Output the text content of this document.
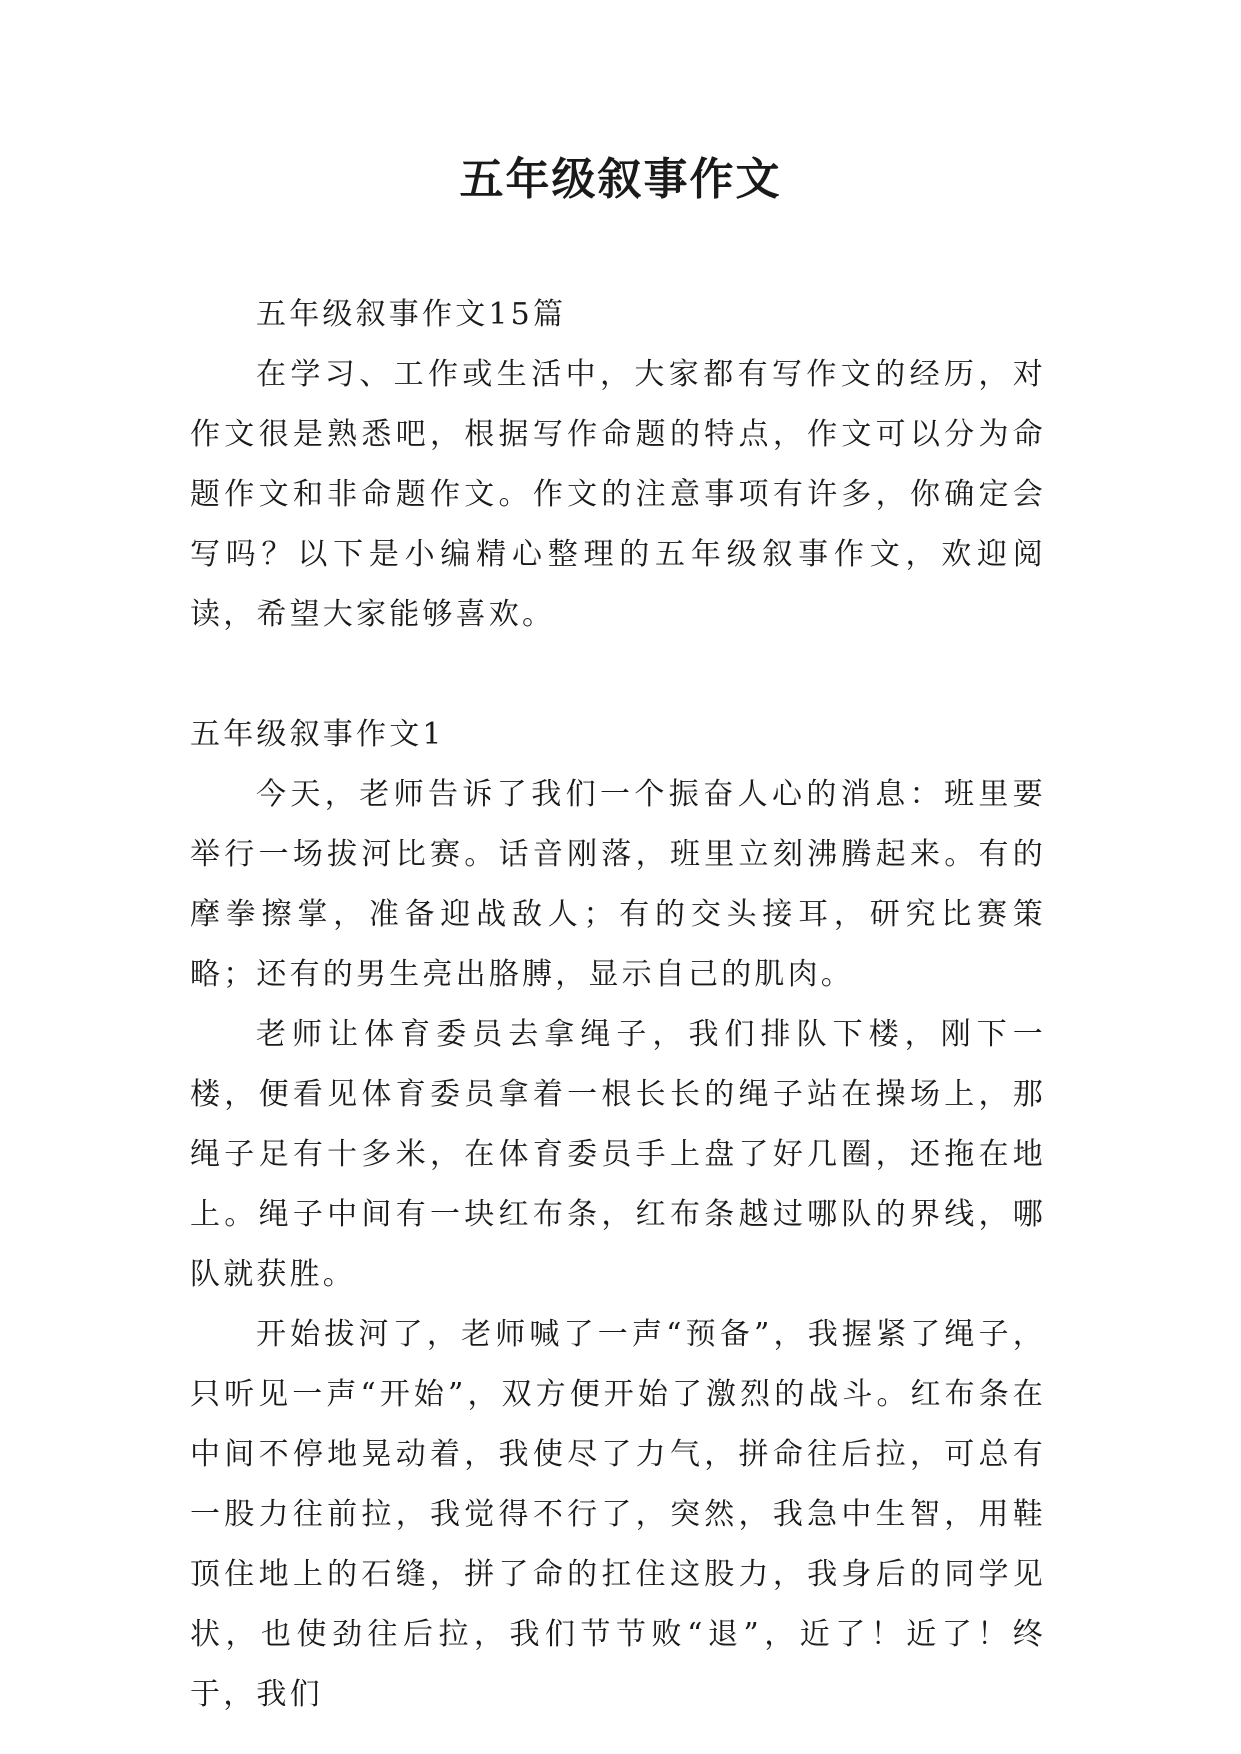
五年级叙事作文

五年级叙事作文15篇

在学习、工作或生活中，大家都有写作文的经历，对作文很是熟悉吧，根据写作命题的特点，作文可以分为命题作文和非命题作文。作文的注意事项有许多，你确定会写吗？以下是小编精心整理的五年级叙事作文，欢迎阅读，希望大家能够喜欢。

五年级叙事作文1

今天，老师告诉了我们一个振奋人心的消息：班里要举行一场拔河比赛。话音刚落，班里立刻沸腾起来。有的摩拳擦掌，准备迎战敌人；有的交头接耳，研究比赛策略；还有的男生亮出胳膊，显示自己的肌肉。

老师让体育委员去拿绳子，我们排队下楼，刚下一楼，便看见体育委员拿着一根长长的绳子站在操场上，那绳子足有十多米，在体育委员手上盘了好几圈，还拖在地上。绳子中间有一块红布条，红布条越过哪队的界线，哪队就获胜。

开始拔河了，老师喊了一声“预备”，我握紧了绳子，只听见一声“开始”，双方便开始了激烈的战斗。红布条在中间不停地晃动着，我使尽了力气，拼命往后拉，可总有一股力往前拉，我觉得不行了，突然，我急中生智，用鞋顶住地上的石缝，拼了命的扛住这股力，我身后的同学见状，也使劲往后拉，我们节节败“退”，近了！近了！终于，我们
